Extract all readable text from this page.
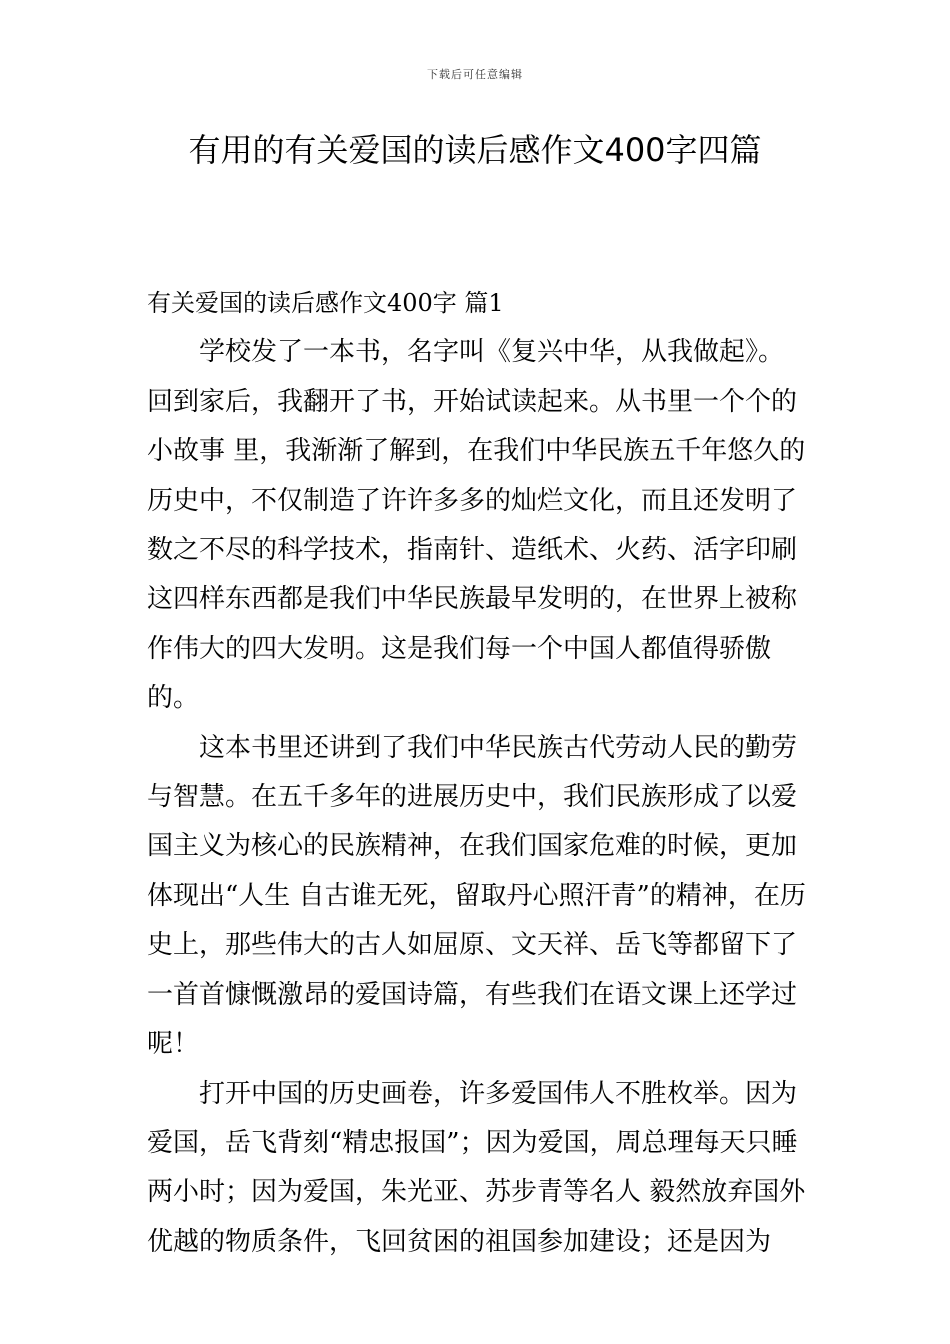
下载后可任意编辑
有用的有关爱国的读后感作文400字四篇

有关爱国的读后感作文400字 篇1

学校发了一本书，名字叫《复兴中华，从我做起》。回到家后，我翻开了书，开始试读起来。从书里一个个的小故事 里，我渐渐了解到，在我们中华民族五千年悠久的历史中，不仅制造了许许多多的灿烂文化，而且还发明了数之不尽的科学技术，指南针、造纸术、火药、活字印刷这四样东西都是我们中华民族最早发明的，在世界上被称作伟大的四大发明。这是我们每一个中国人都值得骄傲的。

这本书里还讲到了我们中华民族古代劳动人民的勤劳与智慧。在五千多年的进展历史中，我们民族形成了以爱国主义为核心的民族精神，在我们国家危难的时候，更加体现出“人生 自古谁无死，留取丹心照汗青”的精神，在历史上，那些伟大的古人如屈原、文天祥、岳飞等都留下了一首首慷慨激昂的爱国诗篇，有些我们在语文课上还学过呢！

打开中国的历史画卷，许多爱国伟人不胜枚举。因为爱国，岳飞背刻“精忠报国”；因为爱国，周总理每天只睡两小时；因为爱国，朱光亚、苏步青等名人 毅然放弃国外优越的物质条件，飞回贫困的祖国参加建设；还是因为
